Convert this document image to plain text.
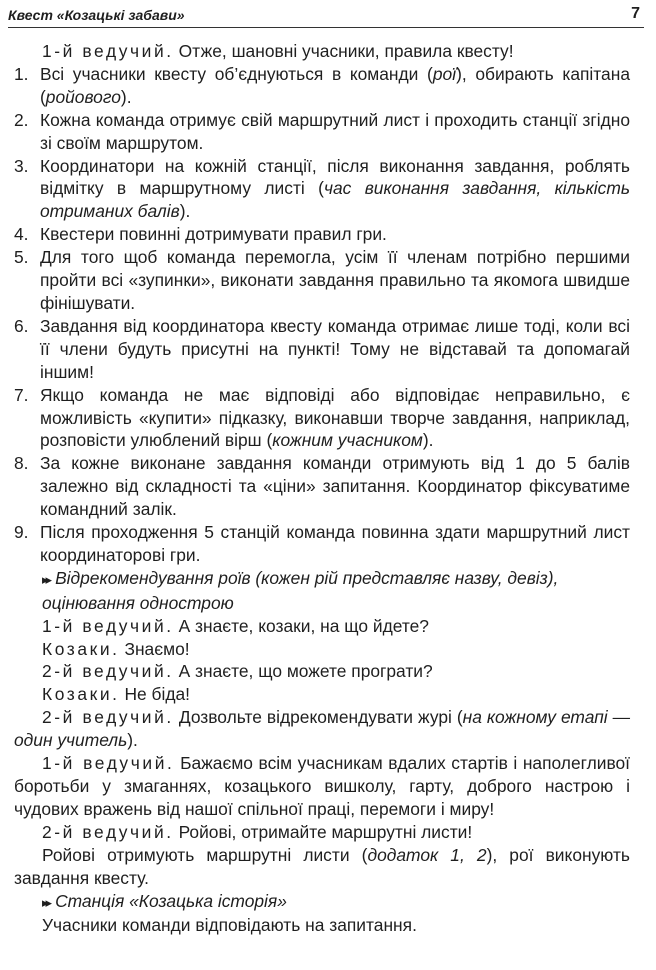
Квест «Козацькі забави»	7

1-й ведучий. Отже, шановні учасники, правила квесту!

1. Всі учасники квесту об’єднуються в команди (рої), обирають капітана (ройового).
2. Кожна команда отримує свій маршрутний лист і проходить станції згідно зі своїм маршрутом.
3. Координатори на кожній станції, після виконання завдання, роблять відмітку в маршрутному листі (час виконання завдання, кількість отриманих балів).
4. Квестери повинні дотримувати правил гри.
5. Для того щоб команда перемогла, усім її членам потрібно першими пройти всі «зупинки», виконати завдання правильно та якомога швидше фінішувати.
6. Завдання від координатора квесту команда отримає лише тоді, коли всі її члени будуть присутні на пункті! Тому не відставай та допомагай іншим!
7. Якщо команда не має відповіді або відповідає неправильно, є можливість «купити» підказку, виконавши творче завдання, наприклад, розповісти улюблений вірш (кожним учасником).
8. За кожне виконане завдання команди отримують від 1 до 5 балів залежно від складності та «ціни» запитання. Координатор фіксуватиме командний залік.
9. Після проходження 5 станцій команда повинна здати маршрутний лист координаторові гри.

▸▸ Відрекомендування роїв (кожен рій представляє назву, девіз), оцінювання однострою

1-й ведучий. А знаєте, козаки, на що йдете?

Козаки. Знаємо!

2-й ведучий. А знаєте, що можете програти?

Козаки. Не біда!

2-й ведучий. Дозвольте відрекомендувати журі (на кожному етапі — один учитель).

1-й ведучий. Бажаємо всім учасникам вдалих стартів і наполегливої боротьби у змаганнях, козацького вишколу, гарту, доброго настрою і чудових вражень від нашої спільної праці, перемоги і миру!

2-й ведучий. Ройові, отримайте маршрутні листи!

Ройові отримують маршрутні листи (додаток 1, 2), рої виконують завдання квесту.

▸▸ Станція «Козацька історія»

Учасники команди відповідають на запитання.
